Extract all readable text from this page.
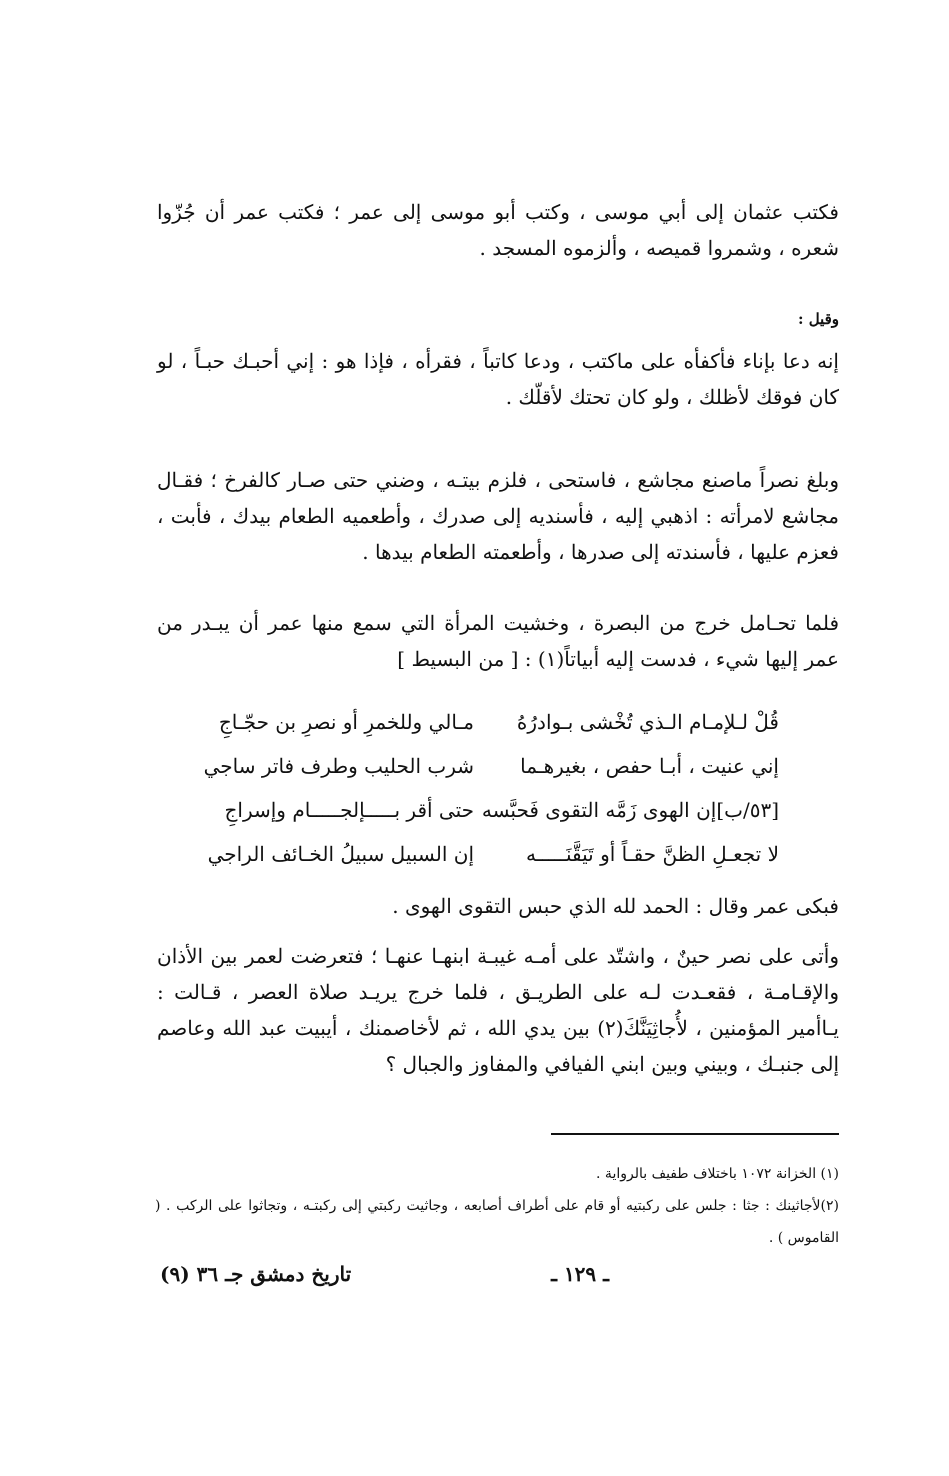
فكتب عثمان إلى أبي موسى ، وكتب أبو موسى إلى عمر ؛ فكتب عمر أن جُزّوا شعره ، وشمروا قميصه ، وألزموه المسجد .

وقيل :

إنه دعا بإناء فأكفأه على ماكتب ، ودعا كاتباً ، فقرأه ، فإذا هو : إني أحبـك حبـاً ، لو كان فوقك لأظلك ، ولو كان تحتك لأقلّك .

وبلغ نصراً ماصنع مجاشع ، فاستحى ، فلزم بيتـه ، وضني حتى صـار كالفرخ ؛ فقـال مجاشع لامرأته : اذهبي إليه ، فأسنديه إلى صدرك ، وأطعميه الطعام بيدك ، فأبت ، فعزم عليها ، فأسندته إلى صدرها ، وأطعمته الطعام بيدها .

فلما تحـامل خرج من البصرة ، وخشيت المرأة التي سمع منها عمر أن يبـدر من عمر إليها شيء ، فدست إليه أبياتاً(١) : [ من البسيط ]

قُلْ لـلإمـام الـذي تُخْشى بـوادرُهُ
مـالي وللخمرِ أو نصرِ بن حجّـاجِ
إني عنيت ، أبـا حفص ، بغيرهـما
شرب الحليب وطرف فاتر ساجي
[٥٣/ب]إن الهوى زَمَّه التقوى فَحبَّسه
حتى أقر بـــــإلجـــــام وإسراجِ
لا تجعـلِ الظنَّ حقـاً أو تَيَقَّنَـــــه
إن السبيل سبيلُ الخـائف الراجي

فبكى عمر وقال : الحمد لله الذي حبس التقوى الهوى .

وأتى على نصر حينٌ ، واشتّد على أمـه غيبـة ابنهـا عنهـا ؛ فتعرضت لعمر بين الأذان والإقـامـة ، فقعـدت لـه على الطريـق ، فلما خرج يريـد صلاة العصر ، قـالت : يـاأمير المؤمنين ، لأُجاثِيَنَّكَ(٢) بين يدي الله ، ثم لأخاصمنك ، أيبيت عبد الله وعاصم إلى جنبـك ، وبيني وبين ابني الفيافي والمفاوز والجبال ؟

(١) الخزانة ١٠٧٢ باختلاف طفيف بالرواية .

(٢)لأجاثينك : جثا : جلس على ركبتيه أو قام على أطراف أصابعه ، وجاثيت ركبتي إلى ركبتـه ، وتجاثوا على الركب . ( القاموس ) .

ـ ١٢٩ ـ
تاريخ دمشق جـ ٣٦ (٩)
